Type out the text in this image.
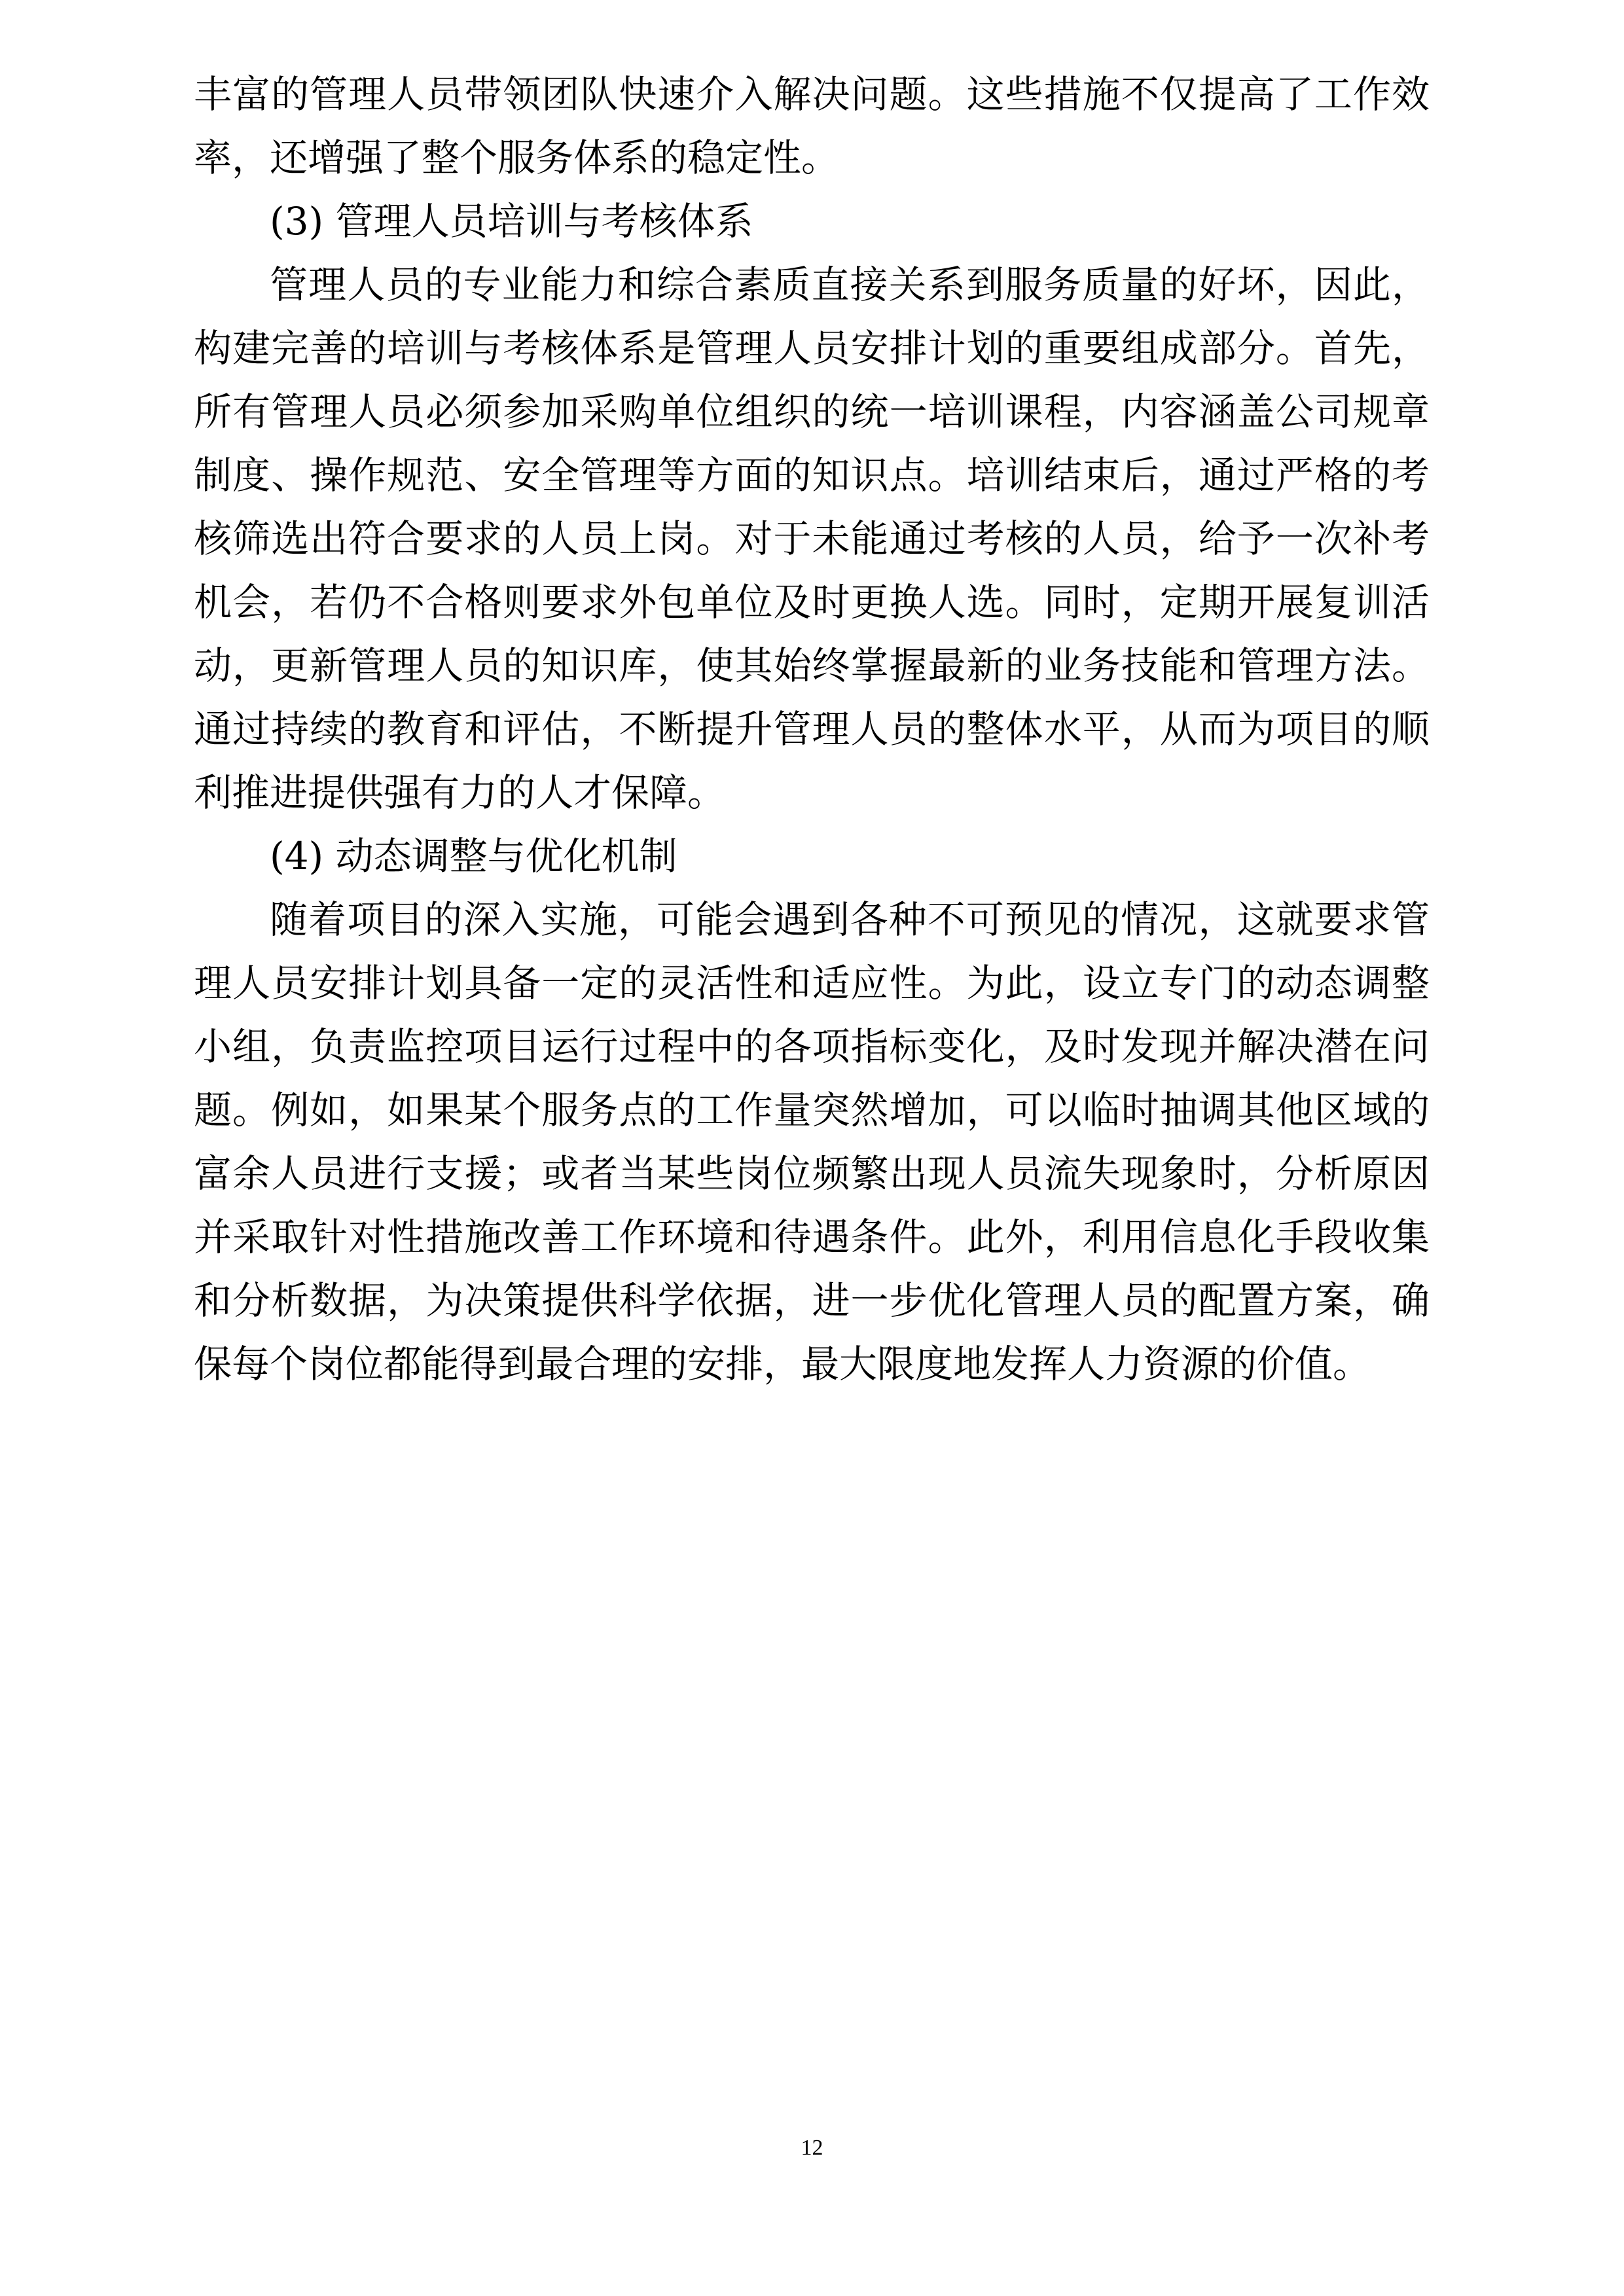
丰富的管理人员带领团队快速介入解决问题。这些措施不仅提高了工作效
率，还增强了整个服务体系的稳定性。
(3) 管理人员培训与考核体系
管理人员的专业能力和综合素质直接关系到服务质量的好坏，因此，
构建完善的培训与考核体系是管理人员安排计划的重要组成部分。首先，
所有管理人员必须参加采购单位组织的统一培训课程，内容涵盖公司规章
制度、操作规范、安全管理等方面的知识点。培训结束后，通过严格的考
核筛选出符合要求的人员上岗。对于未能通过考核的人员，给予一次补考
机会，若仍不合格则要求外包单位及时更换人选。同时，定期开展复训活
动，更新管理人员的知识库，使其始终掌握最新的业务技能和管理方法。
通过持续的教育和评估，不断提升管理人员的整体水平，从而为项目的顺
利推进提供强有力的人才保障。
(4) 动态调整与优化机制
随着项目的深入实施，可能会遇到各种不可预见的情况，这就要求管
理人员安排计划具备一定的灵活性和适应性。为此，设立专门的动态调整
小组，负责监控项目运行过程中的各项指标变化，及时发现并解决潜在问
题。例如，如果某个服务点的工作量突然增加，可以临时抽调其他区域的
富余人员进行支援；或者当某些岗位频繁出现人员流失现象时，分析原因
并采取针对性措施改善工作环境和待遇条件。此外，利用信息化手段收集
和分析数据，为决策提供科学依据，进一步优化管理人员的配置方案，确
保每个岗位都能得到最合理的安排，最大限度地发挥人力资源的价值。
12
